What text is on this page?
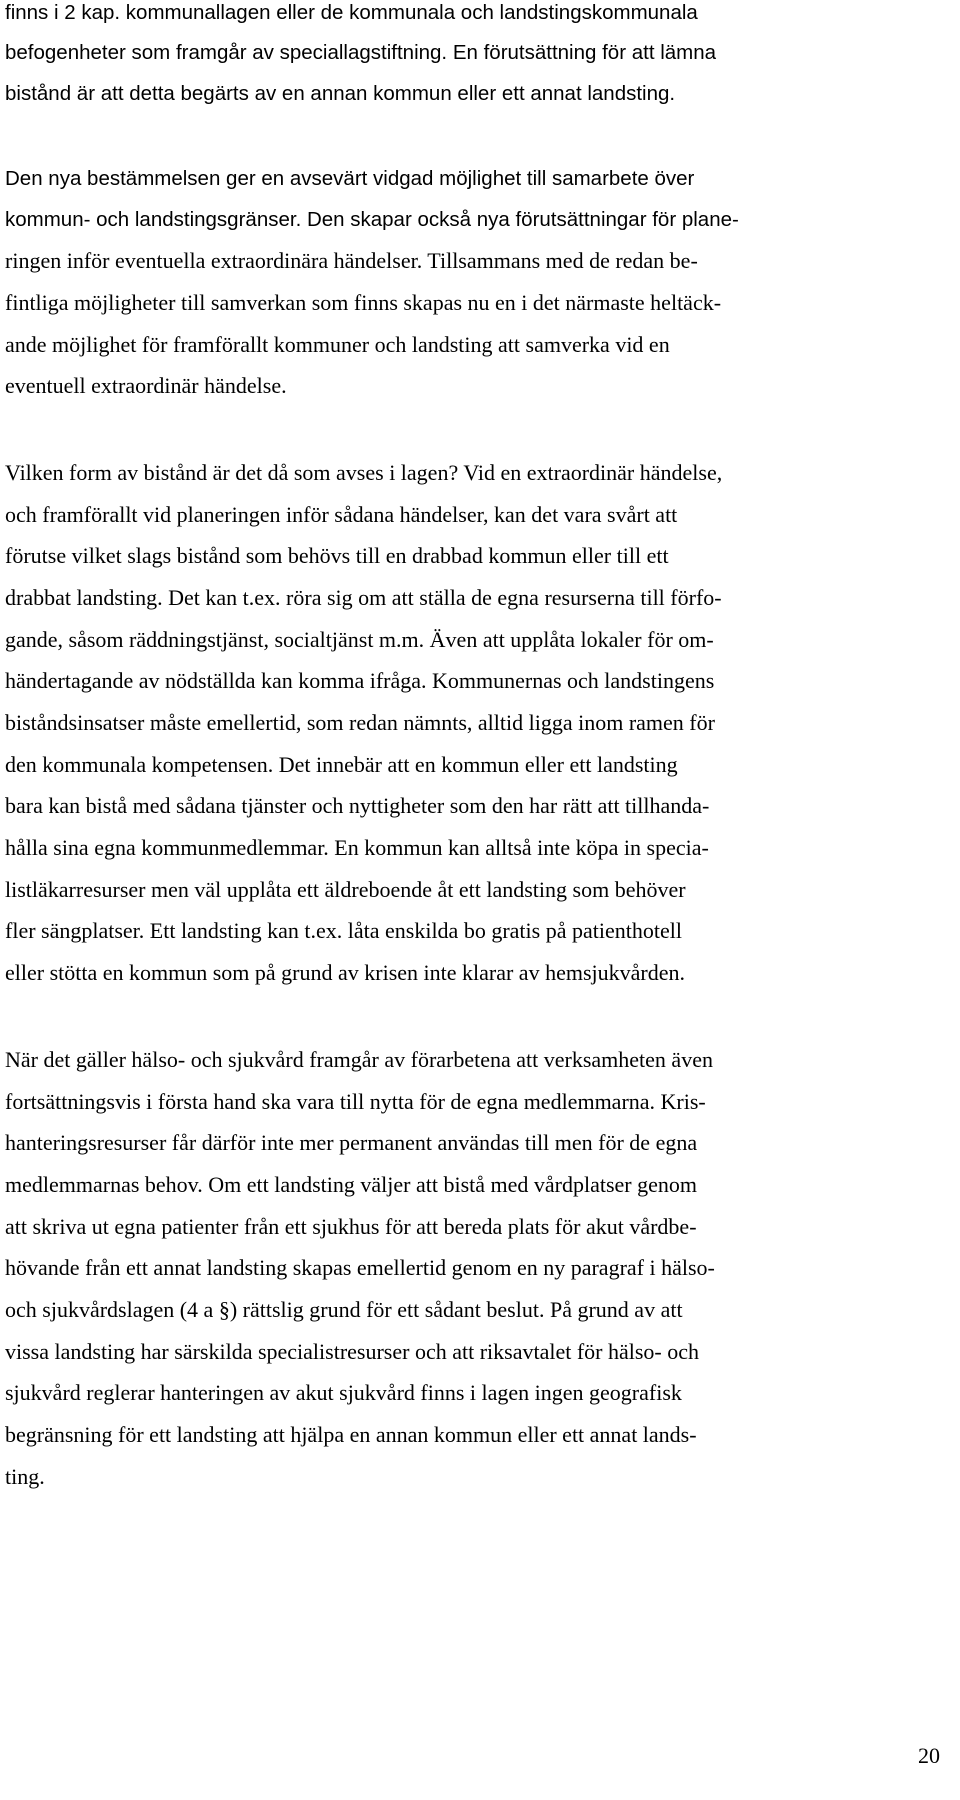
finns i 2 kap. kommunallagen eller de kommunala och landstingskommunala

befogenheter som framgår av speciallagstiftning. En förutsättning för att lämna

bistånd är att detta begärts av en annan kommun eller ett annat landsting.

Den nya bestämmelsen ger en avsevärt vidgad möjlighet till samarbete över

kommun- och landstingsgränser. Den skapar också nya förutsättningar för plane-

ringen inför eventuella extraordinära händelser. Tillsammans med de redan be-

fintliga möjligheter till samverkan som finns skapas nu en i det närmaste heltäck-

ande möjlighet för framförallt kommuner och landsting att samverka vid en

eventuell extraordinär händelse.

Vilken form av bistånd är det då som avses i lagen? Vid en extraordinär händelse,

och framförallt vid planeringen inför sådana händelser, kan det vara svårt att

förutse vilket slags bistånd som behövs till en drabbad kommun eller till ett

drabbat landsting. Det kan t.ex. röra sig om att ställa de egna resurserna till förfo-

gande, såsom räddningstjänst, socialtjänst m.m. Även att upplåta lokaler för om-

händertagande av nödställda kan komma ifråga. Kommunernas och landstingens

biståndsinsatser måste emellertid, som redan nämnts, alltid ligga inom ramen för

den kommunala kompetensen. Det innebär att en kommun eller ett landsting

bara kan bistå med sådana tjänster och nyttigheter som den har rätt att tillhanda-

hålla sina egna kommunmedlemmar. En kommun kan alltså inte köpa in specia-

listläkarresurser men väl upplåta ett äldreboende åt ett landsting som behöver

fler sängplatser. Ett landsting kan t.ex. låta enskilda bo gratis på patienthotell

eller stötta en kommun som på grund av krisen inte klarar av hemsjukvården.

När det gäller hälso- och sjukvård framgår av förarbetena att verksamheten även

fortsättningsvis i första hand ska vara till nytta för de egna medlemmarna. Kris-

hanteringsresurser får därför inte mer permanent användas till men för de egna

medlemmarnas behov. Om ett landsting väljer att bistå med vårdplatser genom

att skriva ut egna patienter från ett sjukhus för att bereda plats för akut vårdbe-

hövande från ett annat landsting skapas emellertid genom en ny paragraf i hälso-

och sjukvårdslagen (4 a §) rättslig grund för ett sådant beslut. På grund av att

vissa landsting har särskilda specialistresurser och att riksavtalet för hälso- och

sjukvård reglerar hanteringen av akut sjukvård finns i lagen ingen geografisk

begränsning för ett landsting att hjälpa en annan kommun eller ett annat lands-

ting.

20
